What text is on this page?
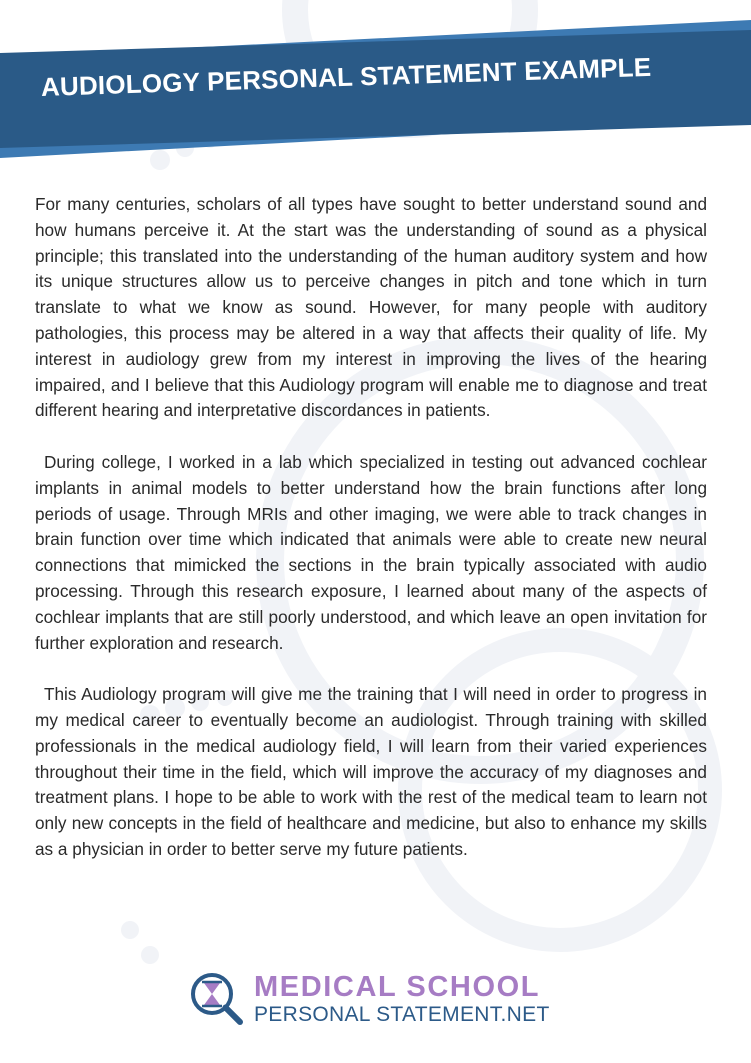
AUDIOLOGY PERSONAL STATEMENT EXAMPLE

For many centuries, scholars of all types have sought to better understand sound and how humans perceive it. At the start was the understanding of sound as a physical principle; this translated into the understanding of the human auditory system and how its unique structures allow us to perceive changes in pitch and tone which in turn translate to what we know as sound. However, for many people with auditory pathologies, this process may be altered in a way that affects their quality of life. My interest in audiology grew from my interest in improving the lives of the hearing impaired, and I believe that this Audiology program will enable me to diagnose and treat different hearing and interpretative discordances in patients.

During college, I worked in a lab which specialized in testing out advanced cochlear implants in animal models to better understand how the brain functions after long periods of usage. Through MRIs and other imaging, we were able to track changes in brain function over time which indicated that animals were able to create new neural connections that mimicked the sections in the brain typically associated with audio processing. Through this research exposure, I learned about many of the aspects of cochlear implants that are still poorly understood, and which leave an open invitation for further exploration and research.

This Audiology program will give me the training that I will need in order to progress in my medical career to eventually become an audiologist. Through training with skilled professionals in the medical audiology field, I will learn from their varied experiences throughout their time in the field, which will improve the accuracy of my diagnoses and treatment plans. I hope to be able to work with the rest of the medical team to learn not only new concepts in the field of healthcare and medicine, but also to enhance my skills as a physician in order to better serve my future patients.

MEDICAL SCHOOL
PERSONAL STATEMENT.NET
